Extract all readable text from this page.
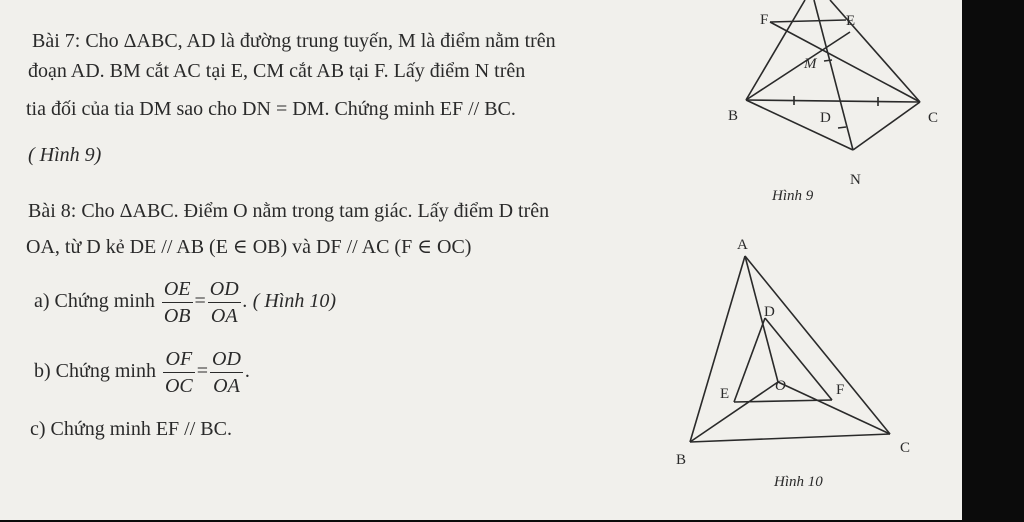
Bài 7: Cho ΔABC, AD là đường trung tuyến, M là điểm nằm trên
đoạn AD. BM cắt AC tại E, CM cắt AB tại F. Lấy điểm N trên
tia đối của tia DM sao cho DN = DM. Chứng minh EF // BC.
( Hình 9)
Bài 8: Cho ΔABC. Điểm O nằm trong tam giác. Lấy điểm D trên
OA, từ D kẻ DE // AB (E ∈ OB) và DF // AC (F ∈ OC)
a) Chứng minh $\frac{OE}{OB} = \frac{OD}{OA}$ . ( Hình 10)
b) Chứng minh $\frac{OF}{OC} = \frac{OD}{OA}$ .
c) Chứng minh EF // BC.
F	E
M
B	D	C
N
Hình 9
A
D
E	O	F
B
C
Hình 10
